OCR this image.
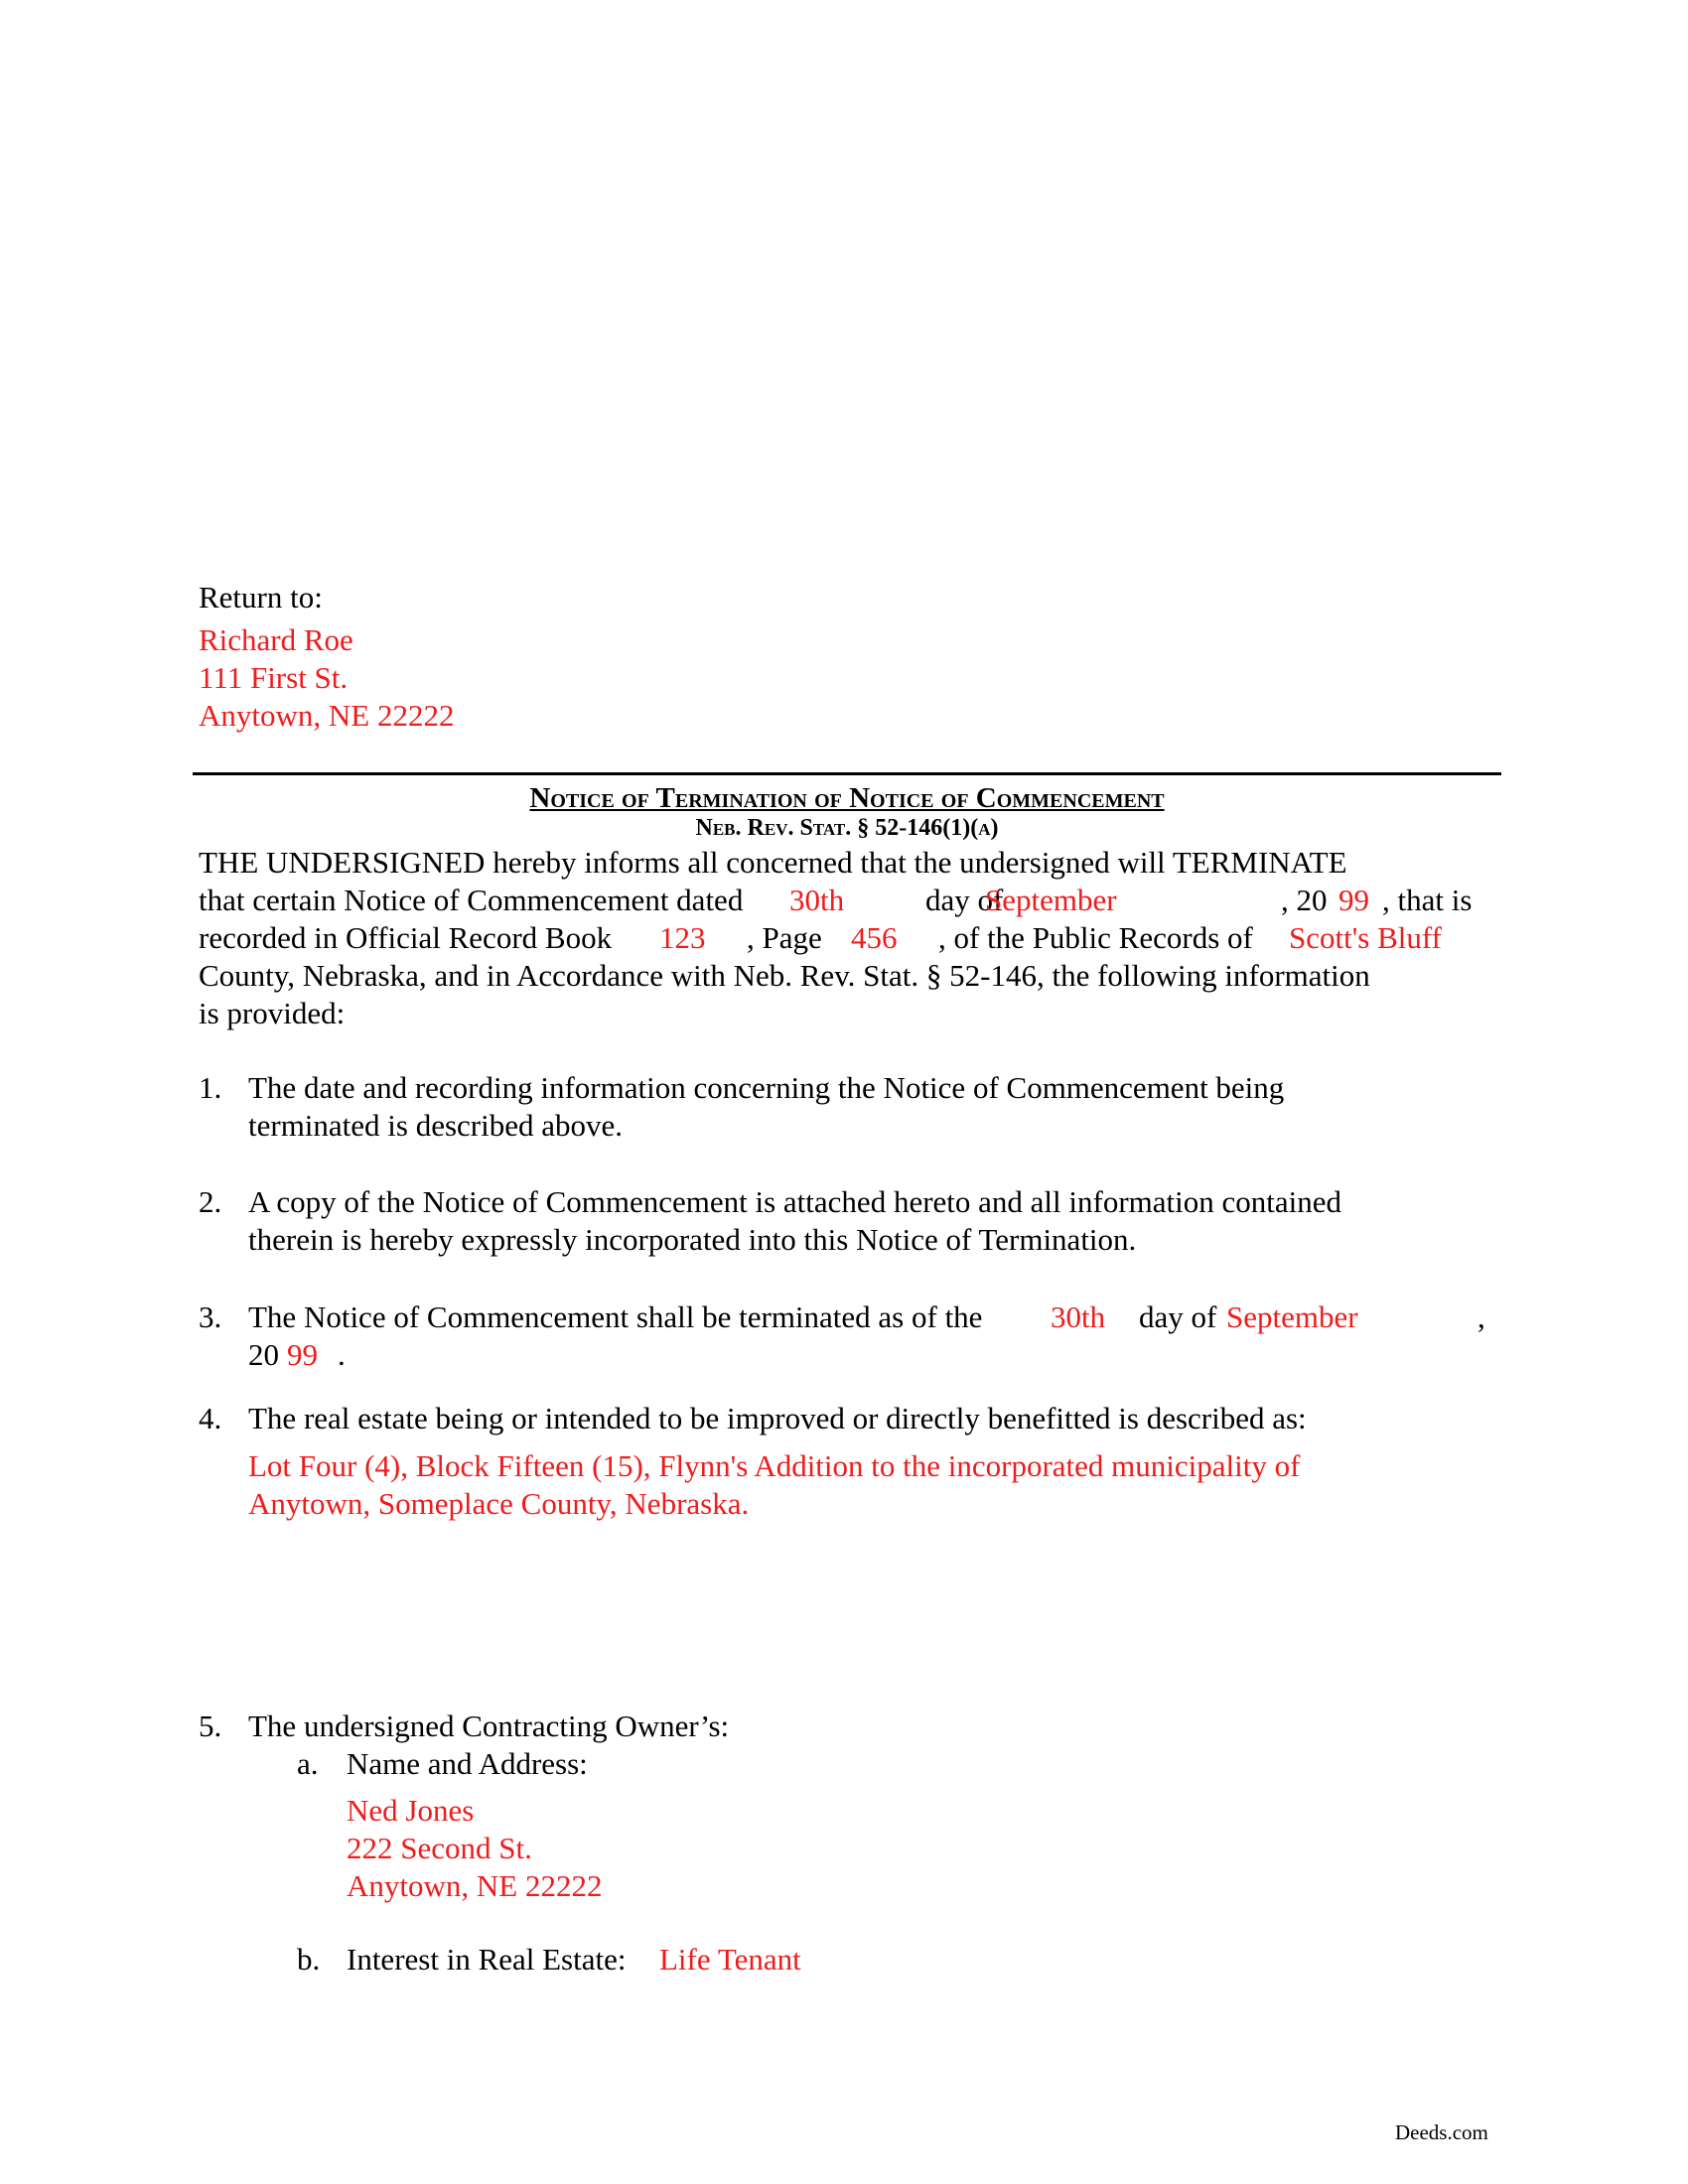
Return to:
Richard Roe
111 First St.
Anytown, NE 22222
Notice of Termination of Notice of Commencement
Neb. Rev. Stat. § 52-146(1)(a)
THE UNDERSIGNED hereby informs all concerned that the undersigned will TERMINATE
that certain Notice of Commencement dated 30th	day of
September	, 20 99 , that is
recorded in Official Record Book 123 , Page 456 , of the Public Records of Scott's Bluff
County, Nebraska, and in Accordance with Neb. Rev. Stat. § 52-146, the following information
is provided:
1. The date and recording information concerning the Notice of Commencement being
terminated is described above.
2. A copy of the Notice of Commencement is attached hereto and all information contained
therein is hereby expressly incorporated into this Notice of Termination.
3. The Notice of Commencement shall be terminated as of the 30th day of September	,
20 99 .
4. The real estate being or intended to be improved or directly benefitted is described as:
Lot Four (4), Block Fifteen (15), Flynn's Addition to the incorporated municipality of
Anytown, Someplace County, Nebraska.
5. The undersigned Contracting Owner’s:
a. Name and Address:
Ned Jones
222 Second St.
Anytown, NE 22222
b. Interest in Real Estate: Life Tenant
Deeds.com
